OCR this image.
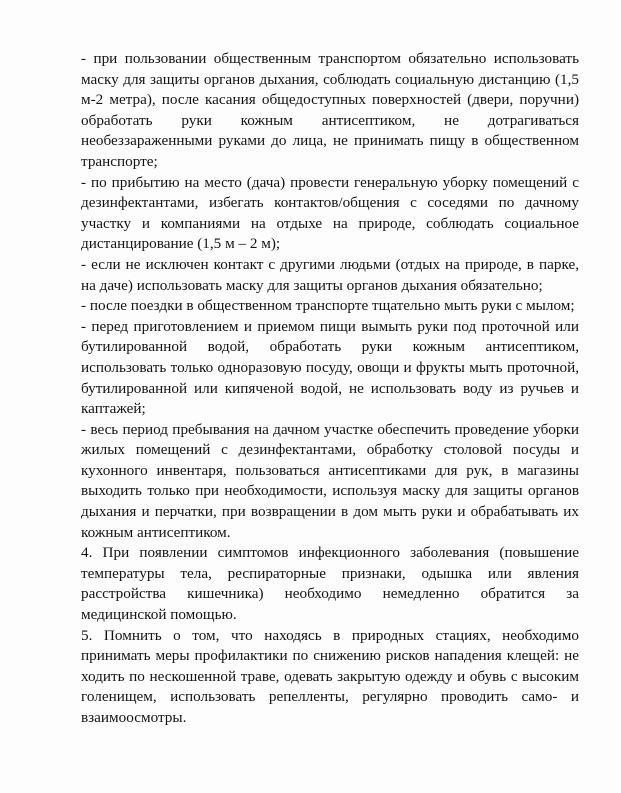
- при пользовании общественным транспортом обязательно использовать маску для защиты органов дыхания, соблюдать социальную дистанцию (1,5 м-2 метра), после касания общедоступных поверхностей (двери, поручни) обработать руки кожным антисептиком, не дотрагиваться необеззараженными руками до лица, не принимать пищу в общественном транспорте;

- по прибытию на место (дача) провести генеральную уборку помещений с дезинфектантами, избегать контактов/общения с соседями по дачному участку и компаниями на отдыхе на природе, соблюдать социальное дистанцирование (1,5 м – 2 м);

- если не исключен контакт с другими людьми (отдых на природе, в парке, на даче) использовать маску для защиты органов дыхания обязательно;

- после поездки в общественном транспорте тщательно мыть руки с мылом;

- перед приготовлением и приемом пищи вымыть руки под проточной или бутилированной водой, обработать руки кожным антисептиком, использовать только одноразовую посуду, овощи и фрукты мыть проточной, бутилированной или кипяченой водой, не использовать воду из ручьев и каптажей;

- весь период пребывания на дачном участке обеспечить проведение уборки жилых помещений с дезинфектантами, обработку столовой посуды и кухонного инвентаря, пользоваться антисептиками для рук, в магазины выходить только при необходимости, используя маску для защиты органов дыхания и перчатки, при возвращении в дом мыть руки и обрабатывать их кожным антисептиком.

4. При появлении симптомов инфекционного заболевания (повышение температуры тела, респираторные признаки, одышка или явления расстройства кишечника) необходимо немедленно обратится за медицинской помощью.

5. Помнить о том, что находясь в природных стациях, необходимо принимать меры профилактики по снижению рисков нападения клещей: не ходить по нескошенной траве, одевать закрытую одежду и обувь с высоким голенищем, использовать репелленты, регулярно проводить само- и взаимоосмотры.
